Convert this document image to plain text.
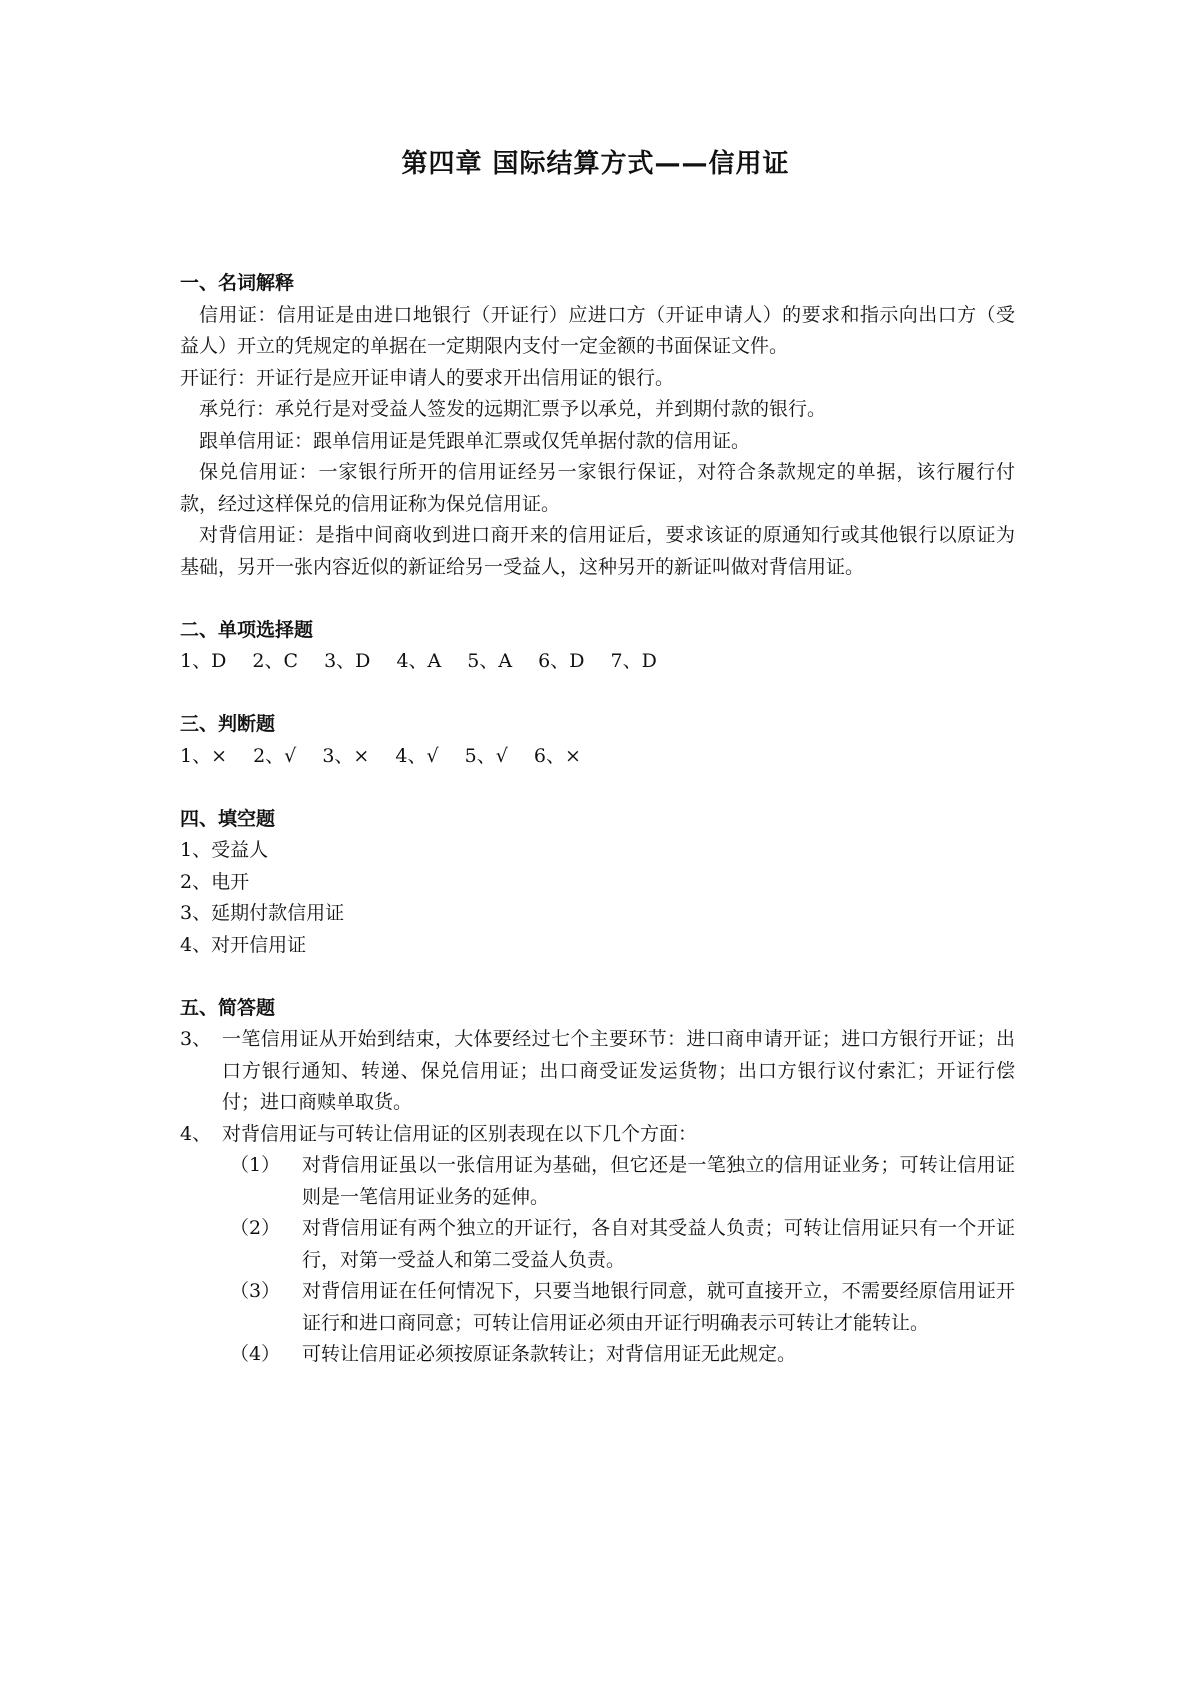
第四章 国际结算方式——信用证
一、名词解释

信用证：信用证是由进口地银行（开证行）应进口方（开证申请人）的要求和指示向出口方（受益人）开立的凭规定的单据在一定期限内支付一定金额的书面保证文件。

开证行：开证行是应开证申请人的要求开出信用证的银行。

承兑行：承兑行是对受益人签发的远期汇票予以承兑，并到期付款的银行。

跟单信用证：跟单信用证是凭跟单汇票或仅凭单据付款的信用证。

保兑信用证：一家银行所开的信用证经另一家银行保证，对符合条款规定的单据，该行履行付款，经过这样保兑的信用证称为保兑信用证。

对背信用证：是指中间商收到进口商开来的信用证后，要求该证的原通知行或其他银行以原证为基础，另开一张内容近似的新证给另一受益人，这种另开的新证叫做对背信用证。

二、单项选择题
1、D 2、C 3、D 4、A 5、A 6、D 7、D
三、判断题
1、× 2、√ 3、× 4、√ 5、√ 6、×
四、填空题
1、受益人
2、电开
3、延期付款信用证
4、对开信用证
五、简答题
3、 一笔信用证从开始到结束，大体要经过七个主要环节：进口商申请开证；进口方银行开证；出口方银行通知、转递、保兑信用证；出口商受证发运货物；出口方银行议付索汇；开证行偿付；进口商赎单取货。
4、 对背信用证与可转让信用证的区别表现在以下几个方面：
（1）	对背信用证虽以一张信用证为基础，但它还是一笔独立的信用证业务；可转让信用证则是一笔信用证业务的延伸。
（2）	对背信用证有两个独立的开证行，各自对其受益人负责；可转让信用证只有一个开证行，对第一受益人和第二受益人负责。
（3）	对背信用证在任何情况下，只要当地银行同意，就可直接开立，不需要经原信用证开证行和进口商同意；可转让信用证必须由开证行明确表示可转让才能转让。
（4）	可转让信用证必须按原证条款转让；对背信用证无此规定。
